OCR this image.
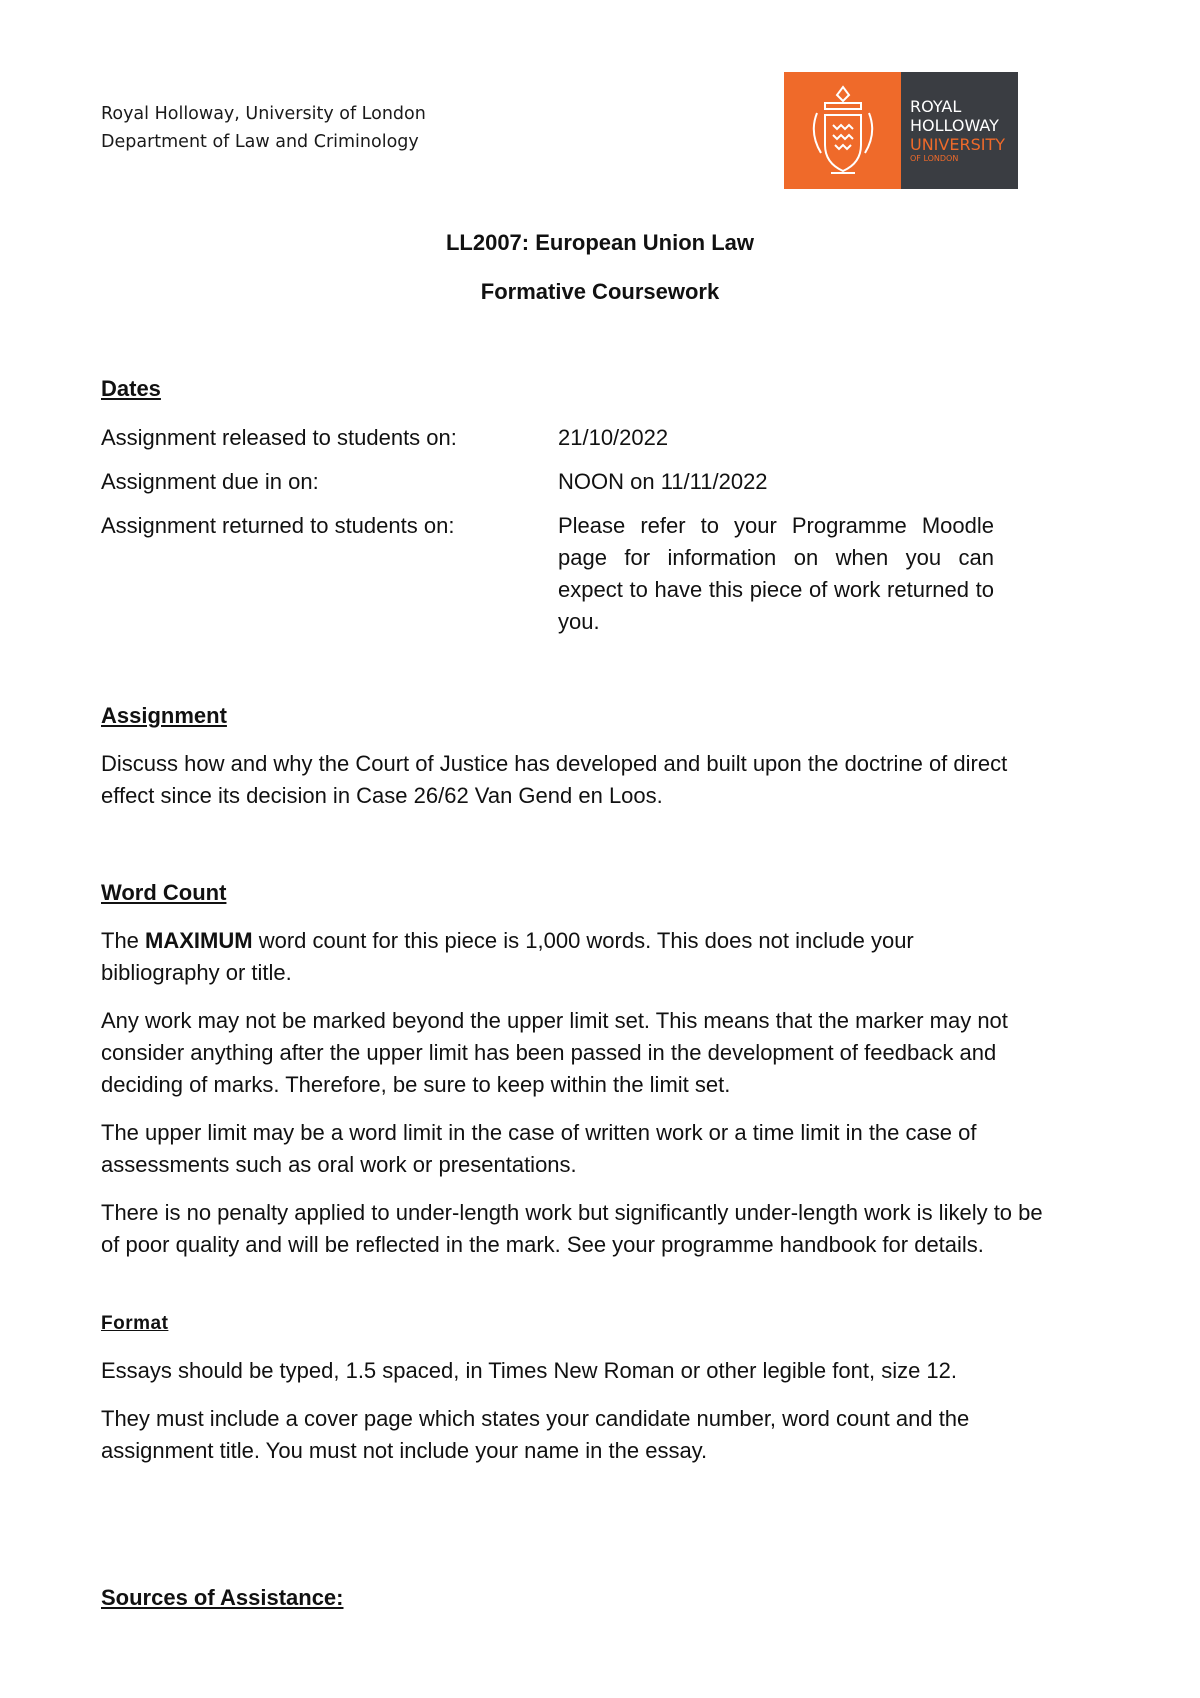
Royal Holloway, University of London
Department of Law and Criminology
ROYAL
HOLLOWAY
UNIVERSITY
OF LONDON
LL2007: European Union Law
Formative Coursework
Dates
Assignment released to students on:	21/10/2022
Assignment due in on:	NOON on 11/11/2022
Assignment returned to students on:	Please refer to your Programme Moodle page for information on when you can expect to have this piece of work returned to you.
Assignment
Discuss how and why the Court of Justice has developed and built upon the doctrine of direct effect since its decision in Case 26/62 Van Gend en Loos.
Word Count
The MAXIMUM word count for this piece is 1,000 words. This does not include your bibliography or title.
Any work may not be marked beyond the upper limit set. This means that the marker may not consider anything after the upper limit has been passed in the development of feedback and deciding of marks. Therefore, be sure to keep within the limit set.
The upper limit may be a word limit in the case of written work or a time limit in the case of assessments such as oral work or presentations.
There is no penalty applied to under-length work but significantly under-length work is likely to be of poor quality and will be reflected in the mark. See your programme handbook for details.
Format
Essays should be typed, 1.5 spaced, in Times New Roman or other legible font, size 12.
They must include a cover page which states your candidate number, word count and the assignment title. You must not include your name in the essay.
Sources of Assistance:
